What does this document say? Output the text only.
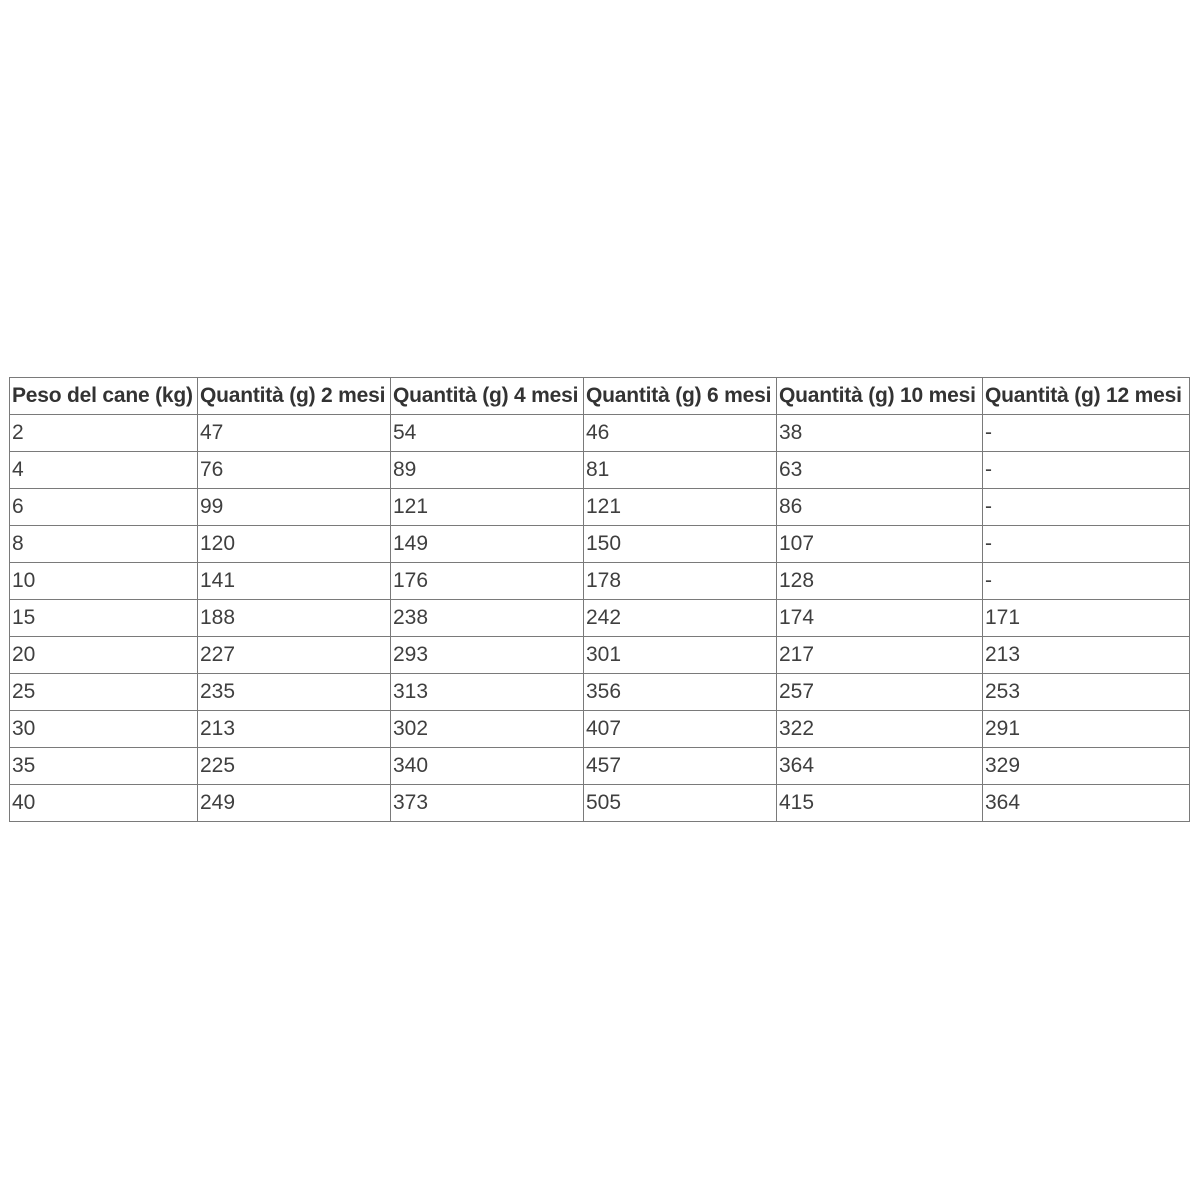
Peso del cane (kg)	Quantità (g) 2 mesi	Quantità (g) 4 mesi	Quantità (g) 6 mesi	Quantità (g) 10 mesi	Quantità (g) 12 mesi
2	47	54	46	38	-
4	76	89	81	63	-
6	99	121	121	86	-
8	120	149	150	107	-
10	141	176	178	128	-
15	188	238	242	174	171
20	227	293	301	217	213
25	235	313	356	257	253
30	213	302	407	322	291
35	225	340	457	364	329
40	249	373	505	415	364
